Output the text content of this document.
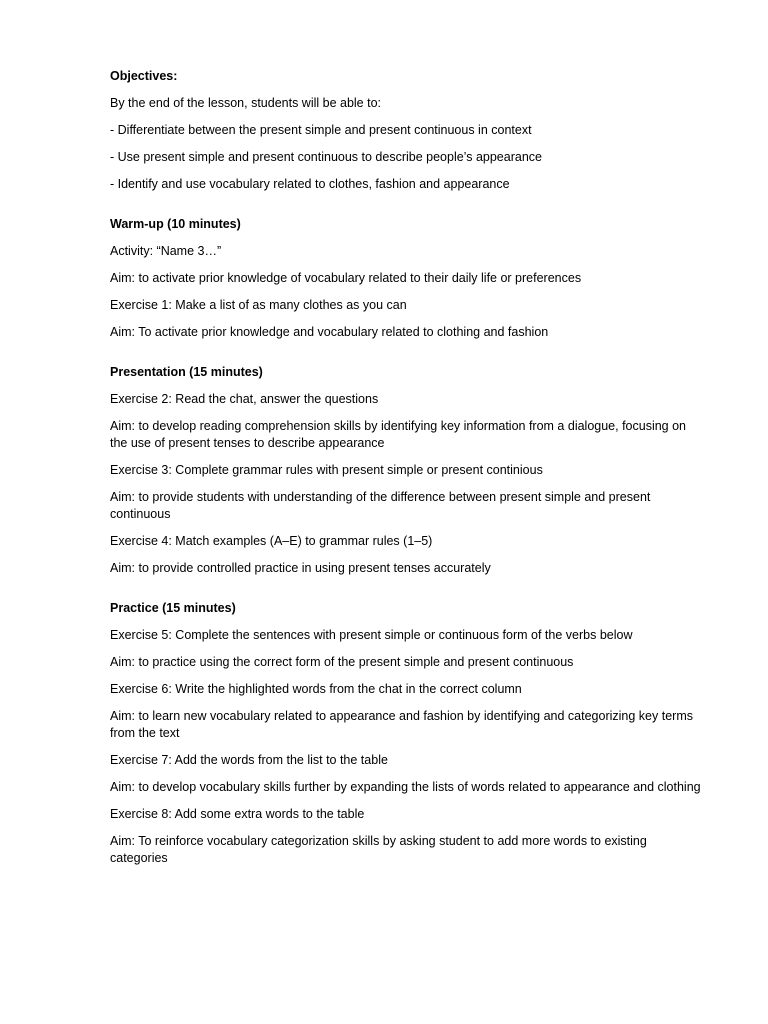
Objectives:
By the end of the lesson, students will be able to:
- Differentiate between the present simple and present continuous in context
- Use present simple and present continuous to describe people’s appearance
- Identify and use vocabulary related to clothes, fashion and appearance
Warm-up (10 minutes)
Activity: “Name 3…”
Aim: to activate prior knowledge of vocabulary related to their daily life or preferences
Exercise 1: Make a list of as many clothes as you can
Aim: To activate prior knowledge and vocabulary related to clothing and fashion
Presentation (15 minutes)
Exercise 2: Read the chat, answer the questions
Aim: to develop reading comprehension skills by identifying key information from a dialogue, focusing on the use of present tenses to describe appearance
Exercise 3: Complete grammar rules with present simple or present continious
Aim: to provide students with understanding of the difference between present simple and present continuous
Exercise 4: Match examples (A–E) to grammar rules (1–5)
Aim: to provide controlled practice in using present tenses accurately
Practice (15 minutes)
Exercise 5: Complete the sentences with present simple or continuous form of the verbs below
Aim: to practice using the correct form of the present simple and present continuous
Exercise 6: Write the highlighted words from the chat in the correct column
Aim: to learn new vocabulary related to appearance and fashion by identifying and categorizing key terms from the text
Exercise 7: Add the words from the list to the table
Aim: to develop vocabulary skills further by expanding the lists of words related to appearance and clothing
Exercise 8: Add some extra words to the table
Aim: To reinforce vocabulary categorization skills by asking student to add more words to existing categories
